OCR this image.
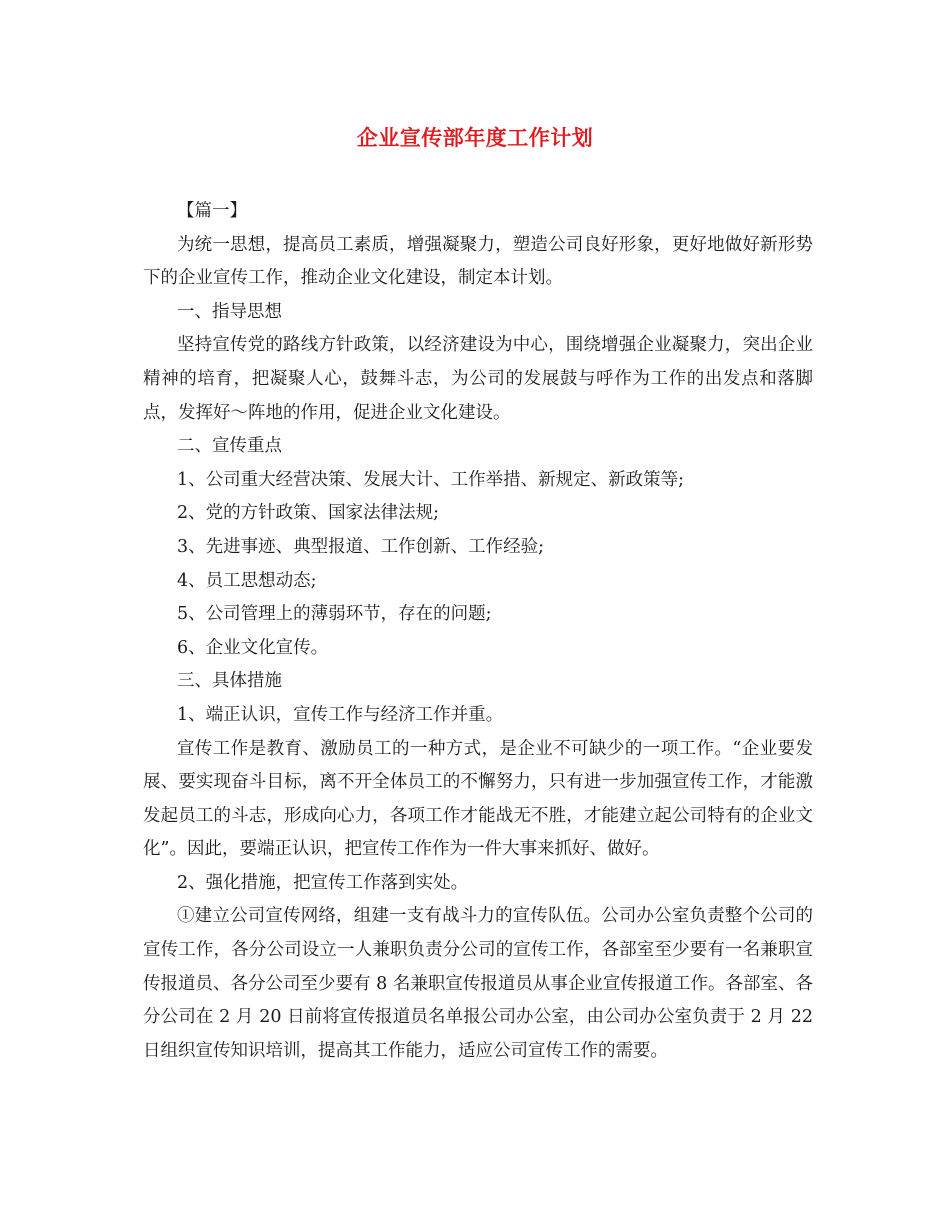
企业宣传部年度工作计划

【篇一】

为统一思想，提高员工素质，增强凝聚力，塑造公司良好形象，更好地做好新形势下的企业宣传工作，推动企业文化建设，制定本计划。

一、指导思想

坚持宣传党的路线方针政策，以经济建设为中心，围绕增强企业凝聚力，突出企业精神的培育，把凝聚人心，鼓舞斗志，为公司的发展鼓与呼作为工作的出发点和落脚点，发挥好～阵地的作用，促进企业文化建设。

二、宣传重点

1、公司重大经营决策、发展大计、工作举措、新规定、新政策等;

2、党的方针政策、国家法律法规;

3、先进事迹、典型报道、工作创新、工作经验;

4、员工思想动态;

5、公司管理上的薄弱环节，存在的问题;

6、企业文化宣传。

三、具体措施

1、端正认识，宣传工作与经济工作并重。

宣传工作是教育、激励员工的一种方式，是企业不可缺少的一项工作。“企业要发展、要实现奋斗目标，离不开全体员工的不懈努力，只有进一步加强宣传工作，才能激发起员工的斗志，形成向心力，各项工作才能战无不胜，才能建立起公司特有的企业文化”。因此，要端正认识，把宣传工作作为一件大事来抓好、做好。

2、强化措施，把宣传工作落到实处。

①建立公司宣传网络，组建一支有战斗力的宣传队伍。公司办公室负责整个公司的宣传工作，各分公司设立一人兼职负责分公司的宣传工作，各部室至少要有一名兼职宣传报道员、各分公司至少要有 8 名兼职宣传报道员从事企业宣传报道工作。各部室、各分公司在 2 月 20 日前将宣传报道员名单报公司办公室，由公司办公室负责于 2 月 22 日组织宣传知识培训，提高其工作能力，适应公司宣传工作的需要。
